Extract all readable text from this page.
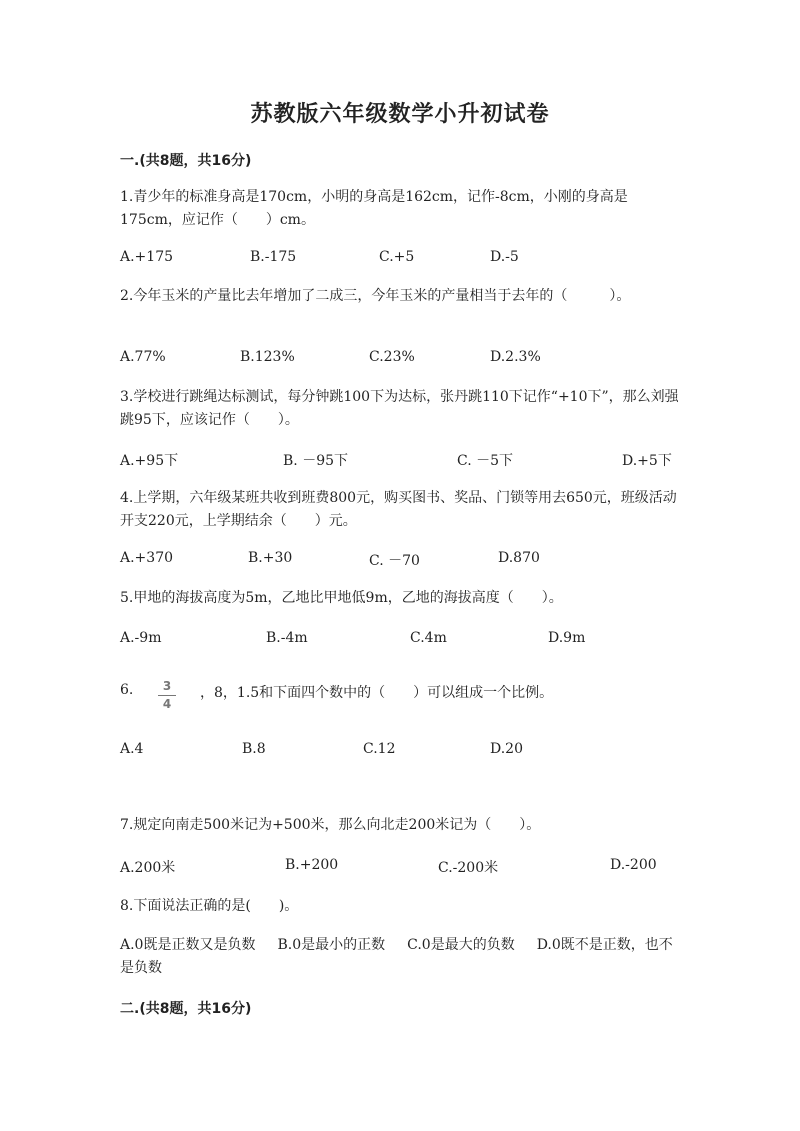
苏教版六年级数学小升初试卷
一.(共8题，共16分)
1.青少年的标准身高是170cm，小明的身高是162cm，记作-8cm，小刚的身高是175cm，应记作（　　）cm。
A.+175	B.-175	C.+5	D.-5
2.今年玉米的产量比去年增加了二成三，今年玉米的产量相当于去年的（　　　）。
A.77%	B.123%	C.23%	D.2.3%
3.学校进行跳绳达标测试，每分钟跳100下为达标，张丹跳110下记作“+10下”，那么刘强跳95下，应该记作（　　）。
A.+95下	B. －95下	C. －5下	D.+5下
4.上学期，六年级某班共收到班费800元，购买图书、奖品、门锁等用去650元，班级活动开支220元，上学期结余（　　）元。
A.+370	B.+30	C. －70	D.870
5.甲地的海拔高度为5m，乙地比甲地低9m，乙地的海拔高度（　　）。
A.-9m	B.-4m	C.4m	D.9m
6.	3
4
，8，1.5和下面四个数中的（　　）可以组成一个比例。
A.4	B.8	C.12	D.20
7.规定向南走500米记为+500米，那么向北走200米记为（　　）。
A.200米	B.+200	C.-200米	D.-200
8.下面说法正确的是(　　)。
A.0既是正数又是负数 B.0是最小的正数 C.0是最大的负数 D.0既不是正数，也不是负数
二.(共8题，共16分)
